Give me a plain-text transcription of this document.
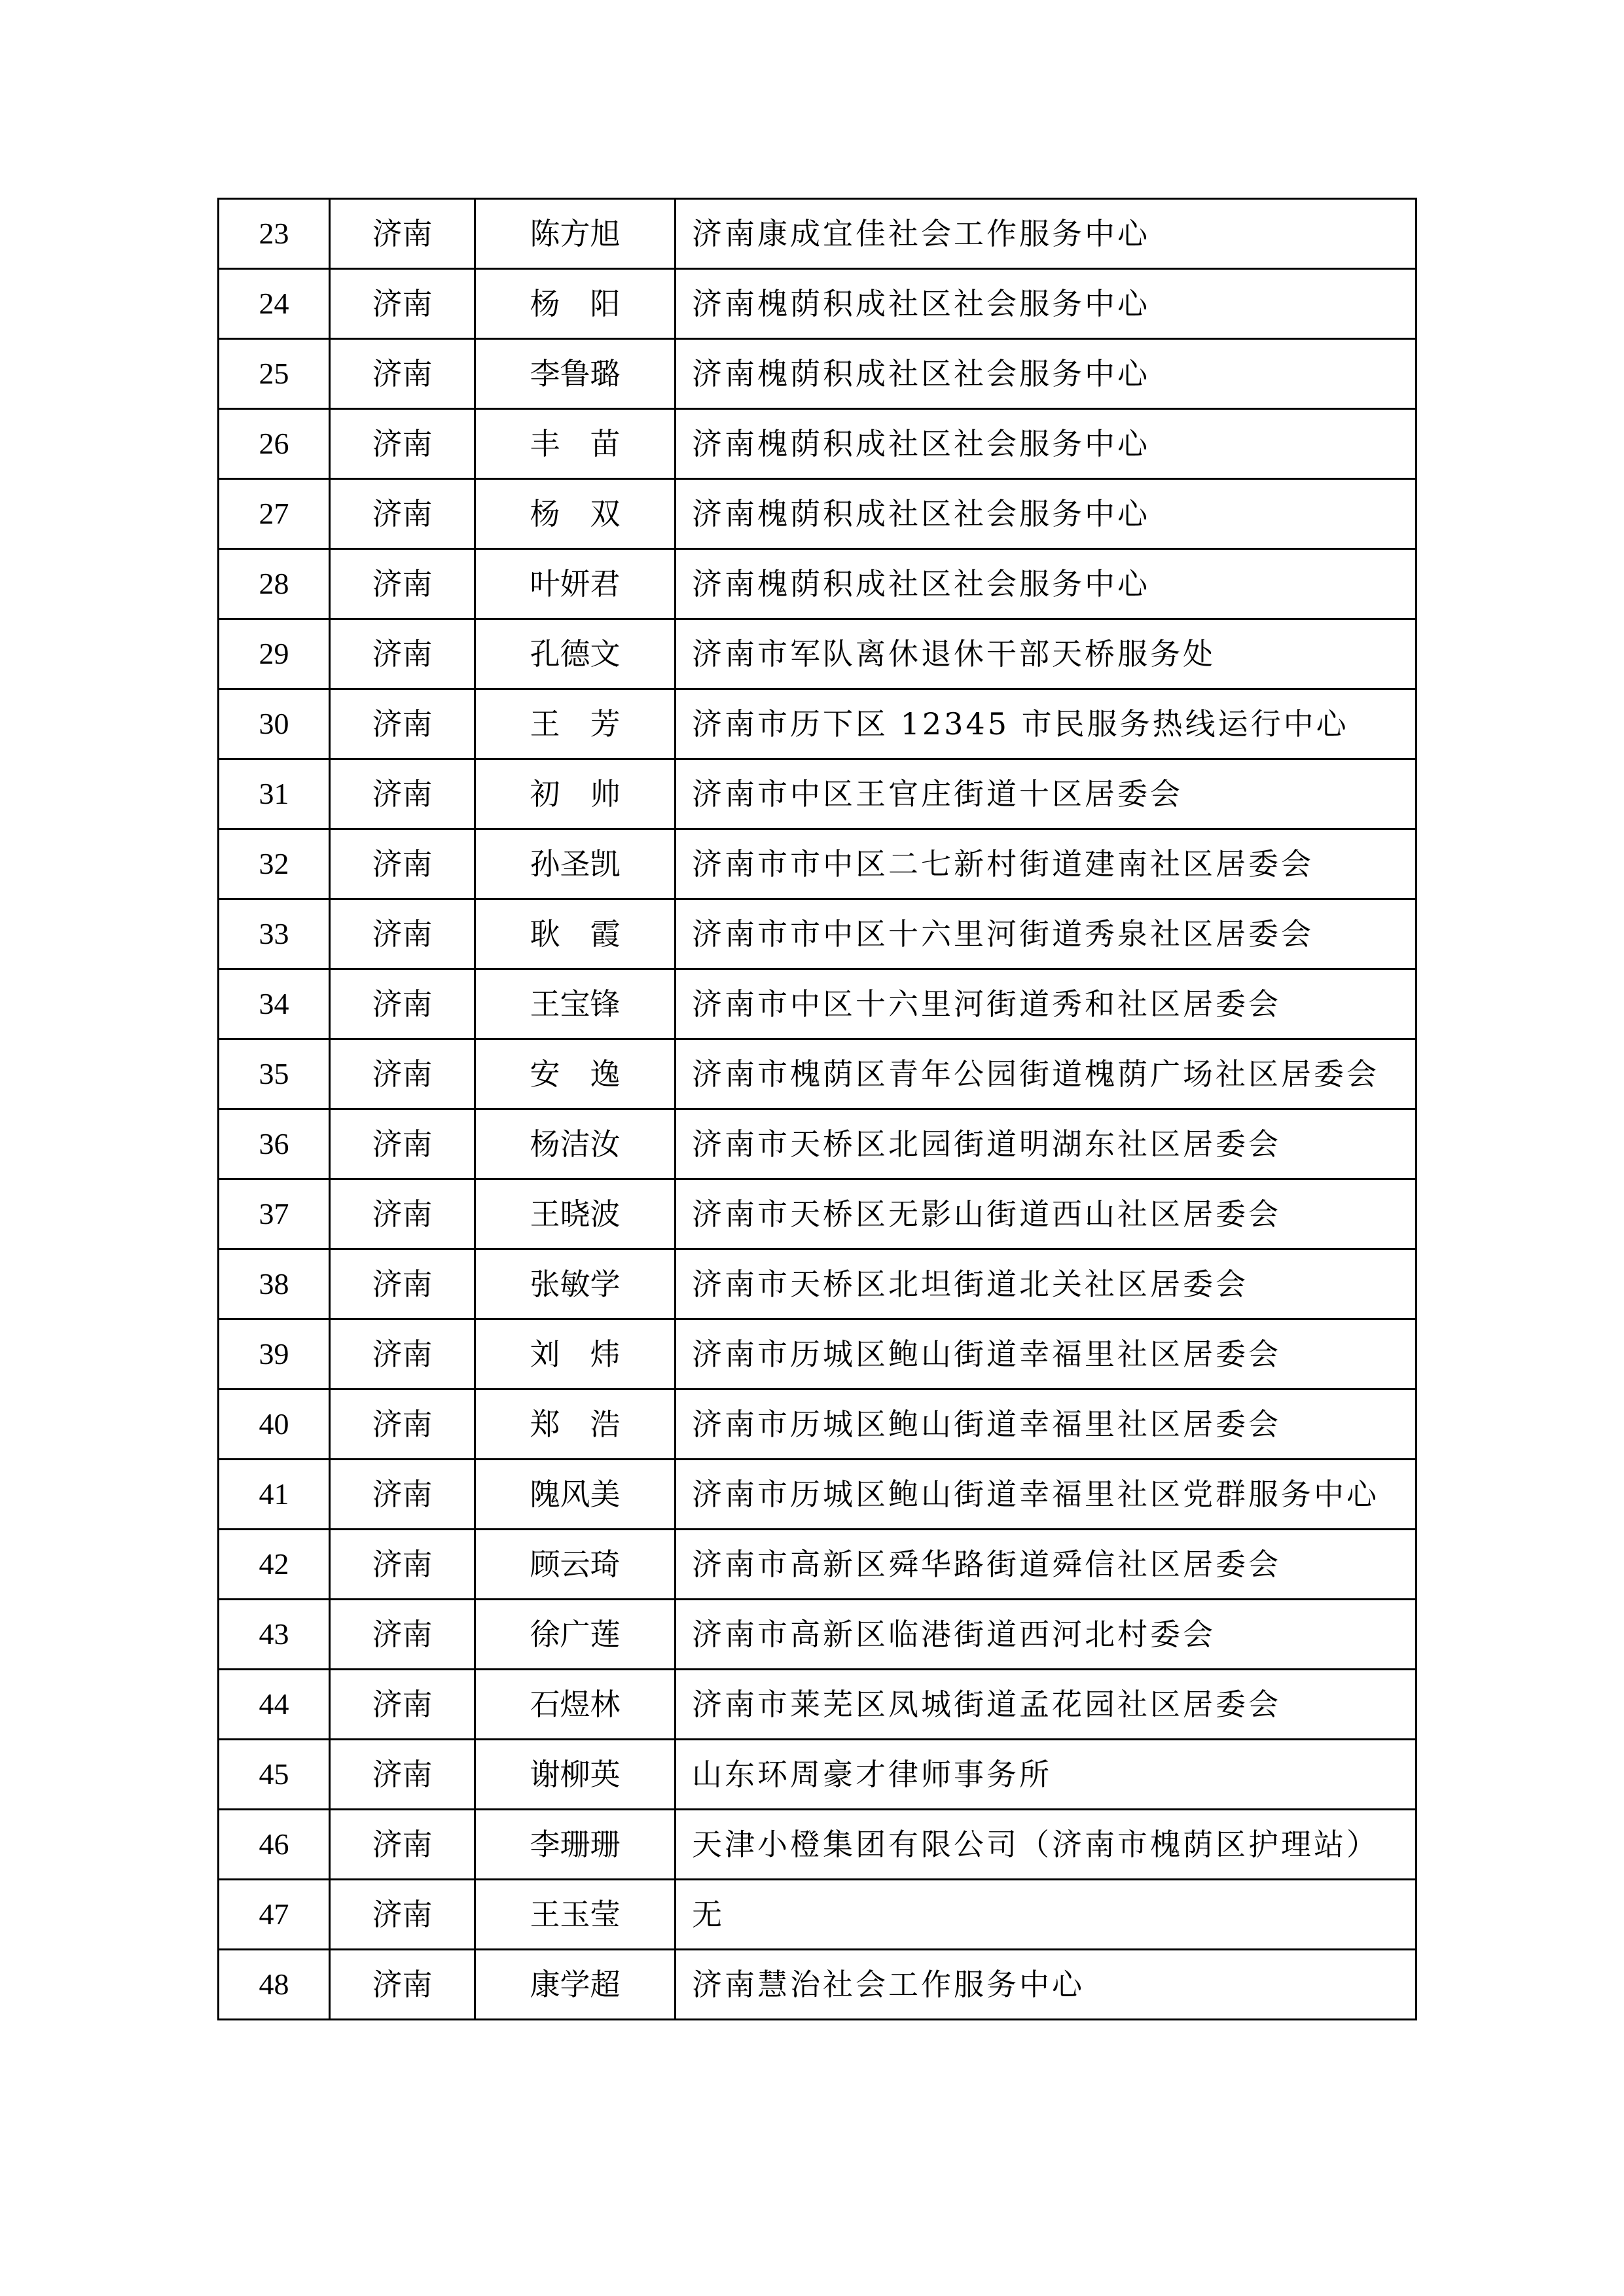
23	济南	陈方旭	济南康成宜佳社会工作服务中心
24	济南	杨　阳	济南槐荫积成社区社会服务中心
25	济南	李鲁璐	济南槐荫积成社区社会服务中心
26	济南	丰　苗	济南槐荫积成社区社会服务中心
27	济南	杨　双	济南槐荫积成社区社会服务中心
28	济南	叶妍君	济南槐荫积成社区社会服务中心
29	济南	孔德文	济南市军队离休退休干部天桥服务处
30	济南	王　芳	济南市历下区 12345 市民服务热线运行中心
31	济南	初　帅	济南市中区王官庄街道十区居委会
32	济南	孙圣凯	济南市市中区二七新村街道建南社区居委会
33	济南	耿　霞	济南市市中区十六里河街道秀泉社区居委会
34	济南	王宝锋	济南市中区十六里河街道秀和社区居委会
35	济南	安　逸	济南市槐荫区青年公园街道槐荫广场社区居委会
36	济南	杨洁汝	济南市天桥区北园街道明湖东社区居委会
37	济南	王晓波	济南市天桥区无影山街道西山社区居委会
38	济南	张敏学	济南市天桥区北坦街道北关社区居委会
39	济南	刘　炜	济南市历城区鲍山街道幸福里社区居委会
40	济南	郑　浩	济南市历城区鲍山街道幸福里社区居委会
41	济南	隗风美	济南市历城区鲍山街道幸福里社区党群服务中心
42	济南	顾云琦	济南市高新区舜华路街道舜信社区居委会
43	济南	徐广莲	济南市高新区临港街道西河北村委会
44	济南	石煜林	济南市莱芜区凤城街道孟花园社区居委会
45	济南	谢柳英	山东环周豪才律师事务所
46	济南	李珊珊	天津小橙集团有限公司（济南市槐荫区护理站）
47	济南	王玉莹	无
48	济南	康学超	济南慧治社会工作服务中心
